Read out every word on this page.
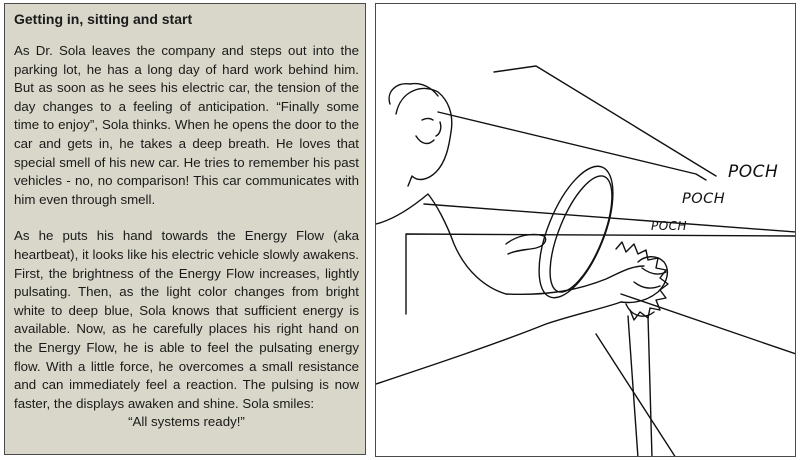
Getting in, sitting and start

As Dr. Sola leaves the company and steps out into the parking lot, he has a long day of hard work behind him. But as soon as he sees his electric car, the tension of the day changes to a feeling of anticipation. “Finally some time to enjoy”, Sola thinks. When he opens the door to the car and gets in, he takes a deep breath. He loves that special smell of his new car. He tries to remember his past vehicles - no, no comparison! This car communicates with him even through smell.

As he puts his hand towards the Energy Flow (aka heartbeat), it looks like his electric vehicle slowly awakens. First, the brightness of the Energy Flow increases, lightly pulsating. Then, as the light color changes from bright white to deep blue, Sola knows that sufficient energy is available. Now, as he carefully places his right hand on the Energy Flow, he is able to feel the pulsating energy flow. With a little force, he overcomes a small resistance and can immediately feel a reaction. The pulsing is now faster, the displays awaken and shine. Sola smiles:
“All systems ready!”

POCH
POCH
POCH
